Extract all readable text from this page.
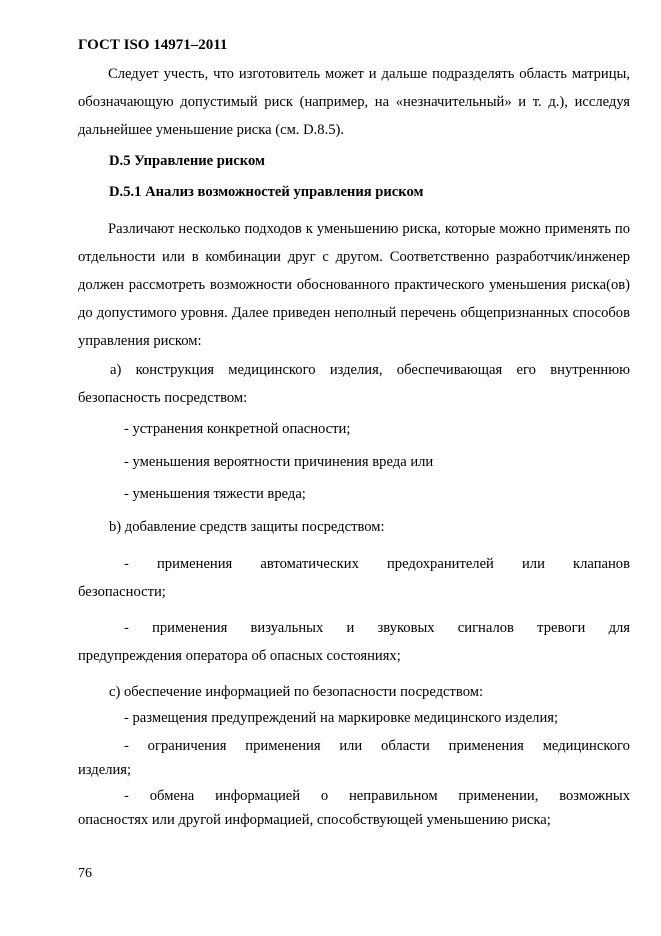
ГОСТ ISO 14971–2011
Следует учесть, что изготовитель может и дальше подразделять область матрицы, обозначающую допустимый риск (например, на «незначительный» и т. д.), исследуя дальнейшее уменьшение риска (см. D.8.5).
D.5 Управление риском
D.5.1 Анализ возможностей управления риском
Различают несколько подходов к уменьшению риска, которые можно применять по отдельности или в комбинации друг с другом. Соответственно разработчик/инженер должен рассмотреть возможности обоснованного практического уменьшения риска(ов) до допустимого уровня. Далее приведен неполный перечень общепризнанных способов управления риском:
а) конструкция медицинского изделия, обеспечивающая его внутреннюю безопасность посредством:
- устранения конкретной опасности;
- уменьшения вероятности причинения вреда или
- уменьшения тяжести вреда;
b) добавление средств защиты посредством:
- применения автоматических предохранителей или клапанов
безопасности;
- применения визуальных и звуковых сигналов тревоги для
предупреждения оператора об опасных состояниях;
с) обеспечение информацией по безопасности посредством:
- размещения предупреждений на маркировке медицинского изделия;
- ограничения применения или области применения медицинского
изделия;
- обмена информацией о неправильном применении, возможных
опасностях или другой информацией, способствующей уменьшению риска;
76
